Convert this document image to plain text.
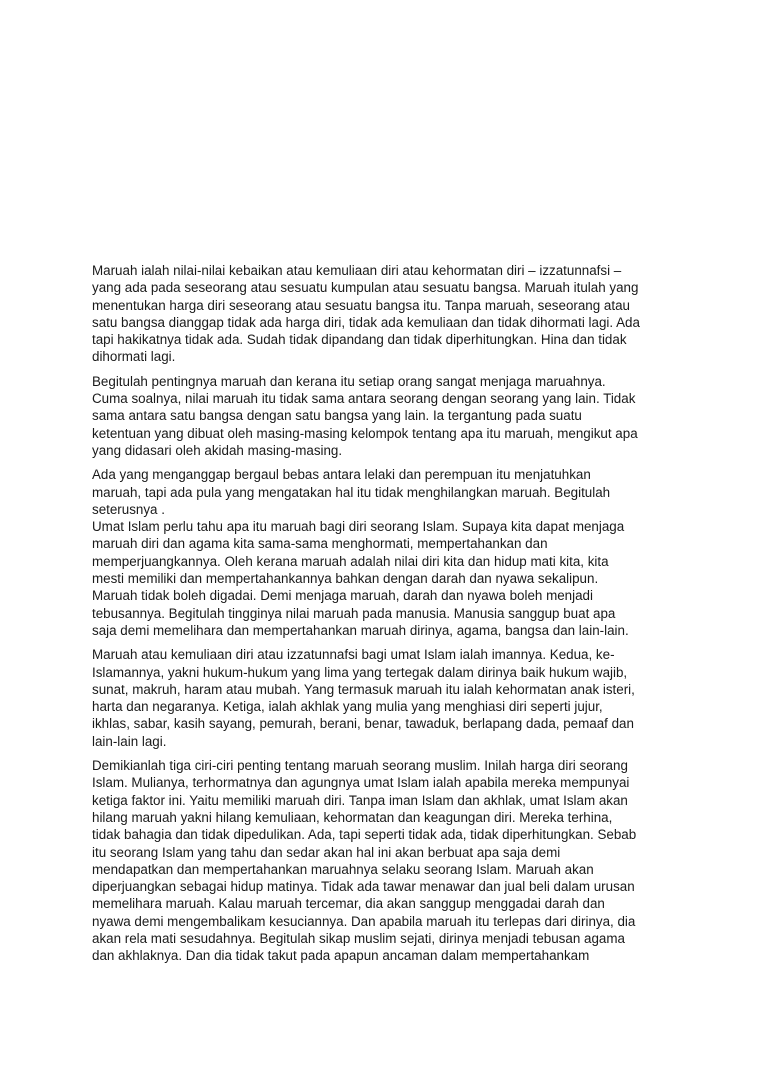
Maruah ialah nilai-nilai kebaikan atau kemuliaan diri atau kehormatan diri – izzatunnafsi –
yang ada pada seseorang atau sesuatu kumpulan atau sesuatu bangsa. Maruah itulah yang
menentukan harga diri seseorang atau sesuatu bangsa itu. Tanpa maruah, seseorang atau
satu bangsa dianggap tidak ada harga diri, tidak ada kemuliaan dan tidak dihormati lagi. Ada
tapi hakikatnya tidak ada. Sudah tidak dipandang dan tidak diperhitungkan. Hina dan tidak
dihormati lagi.

Begitulah pentingnya maruah dan kerana itu setiap orang sangat menjaga maruahnya.
Cuma soalnya, nilai maruah itu tidak sama antara seorang dengan seorang yang lain. Tidak
sama antara satu bangsa dengan satu bangsa yang lain. Ia tergantung pada suatu
ketentuan yang dibuat oleh masing-masing kelompok tentang apa itu maruah, mengikut apa
yang didasari oleh akidah masing-masing.

Ada yang menganggap bergaul bebas antara lelaki dan perempuan itu menjatuhkan
maruah, tapi ada pula yang mengatakan hal itu tidak menghilangkan maruah. Begitulah
seterusnya .

Umat Islam perlu tahu apa itu maruah bagi diri seorang Islam. Supaya kita dapat menjaga
maruah diri dan agama kita sama-sama menghormati, mempertahankan dan
memperjuangkannya. Oleh kerana maruah adalah nilai diri kita dan hidup mati kita, kita
mesti memiliki dan mempertahankannya bahkan dengan darah dan nyawa sekalipun.
Maruah tidak boleh digadai. Demi menjaga maruah, darah dan nyawa boleh menjadi
tebusannya. Begitulah tingginya nilai maruah pada manusia. Manusia sanggup buat apa
saja demi memelihara dan mempertahankan maruah dirinya, agama, bangsa dan lain-lain.

Maruah atau kemuliaan diri atau izzatunnafsi bagi umat Islam ialah imannya. Kedua, ke-
Islamannya, yakni hukum-hukum yang lima yang tertegak dalam dirinya baik hukum wajib,
sunat, makruh, haram atau mubah. Yang termasuk maruah itu ialah kehormatan anak isteri,
harta dan negaranya. Ketiga, ialah akhlak yang mulia yang menghiasi diri seperti jujur,
ikhlas, sabar, kasih sayang, pemurah, berani, benar, tawaduk, berlapang dada, pemaaf dan
lain-lain lagi.

Demikianlah tiga ciri-ciri penting tentang maruah seorang muslim. Inilah harga diri seorang
Islam. Mulianya, terhormatnya dan agungnya umat Islam ialah apabila mereka mempunyai
ketiga faktor ini. Yaitu memiliki maruah diri. Tanpa iman Islam dan akhlak, umat Islam akan
hilang maruah yakni hilang kemuliaan, kehormatan dan keagungan diri. Mereka terhina,
tidak bahagia dan tidak dipedulikan. Ada, tapi seperti tidak ada, tidak diperhitungkan. Sebab
itu seorang Islam yang tahu dan sedar akan hal ini akan berbuat apa saja demi
mendapatkan dan mempertahankan maruahnya selaku seorang Islam. Maruah akan
diperjuangkan sebagai hidup matinya. Tidak ada tawar menawar dan jual beli dalam urusan
memelihara maruah. Kalau maruah tercemar, dia akan sanggup menggadai darah dan
nyawa demi mengembalikam kesuciannya. Dan apabila maruah itu terlepas dari dirinya, dia
akan rela mati sesudahnya. Begitulah sikap muslim sejati, dirinya menjadi tebusan agama
dan akhlaknya. Dan dia tidak takut pada apapun ancaman dalam mempertahankam
